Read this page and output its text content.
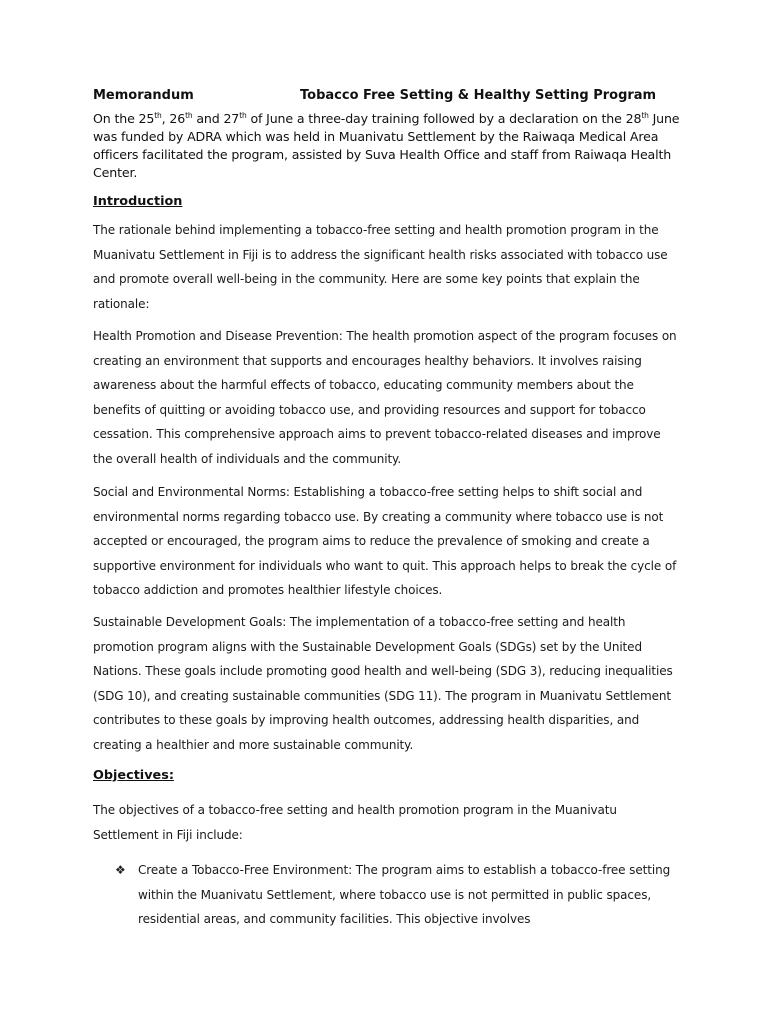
Memorandum	Tobacco Free Setting & Healthy Setting Program
On the 25th, 26th and 27th of June a three-day training followed by a declaration on the 28th June was funded by ADRA which was held in Muanivatu Settlement by the Raiwaqa Medical Area officers facilitated the program, assisted by Suva Health Office and staff from Raiwaqa Health Center.
Introduction
The rationale behind implementing a tobacco-free setting and health promotion program in the Muanivatu Settlement in Fiji is to address the significant health risks associated with tobacco use and promote overall well-being in the community. Here are some key points that explain the rationale:
Health Promotion and Disease Prevention: The health promotion aspect of the program focuses on creating an environment that supports and encourages healthy behaviors. It involves raising awareness about the harmful effects of tobacco, educating community members about the benefits of quitting or avoiding tobacco use, and providing resources and support for tobacco cessation. This comprehensive approach aims to prevent tobacco-related diseases and improve the overall health of individuals and the community.
Social and Environmental Norms: Establishing a tobacco-free setting helps to shift social and environmental norms regarding tobacco use. By creating a community where tobacco use is not accepted or encouraged, the program aims to reduce the prevalence of smoking and create a supportive environment for individuals who want to quit. This approach helps to break the cycle of tobacco addiction and promotes healthier lifestyle choices.
Sustainable Development Goals: The implementation of a tobacco-free setting and health promotion program aligns with the Sustainable Development Goals (SDGs) set by the United Nations. These goals include promoting good health and well-being (SDG 3), reducing inequalities (SDG 10), and creating sustainable communities (SDG 11). The program in Muanivatu Settlement contributes to these goals by improving health outcomes, addressing health disparities, and creating a healthier and more sustainable community.
Objectives:
The objectives of a tobacco-free setting and health promotion program in the Muanivatu Settlement in Fiji include:
❖ Create a Tobacco-Free Environment: The program aims to establish a tobacco-free setting within the Muanivatu Settlement, where tobacco use is not permitted in public spaces, residential areas, and community facilities. This objective involves
